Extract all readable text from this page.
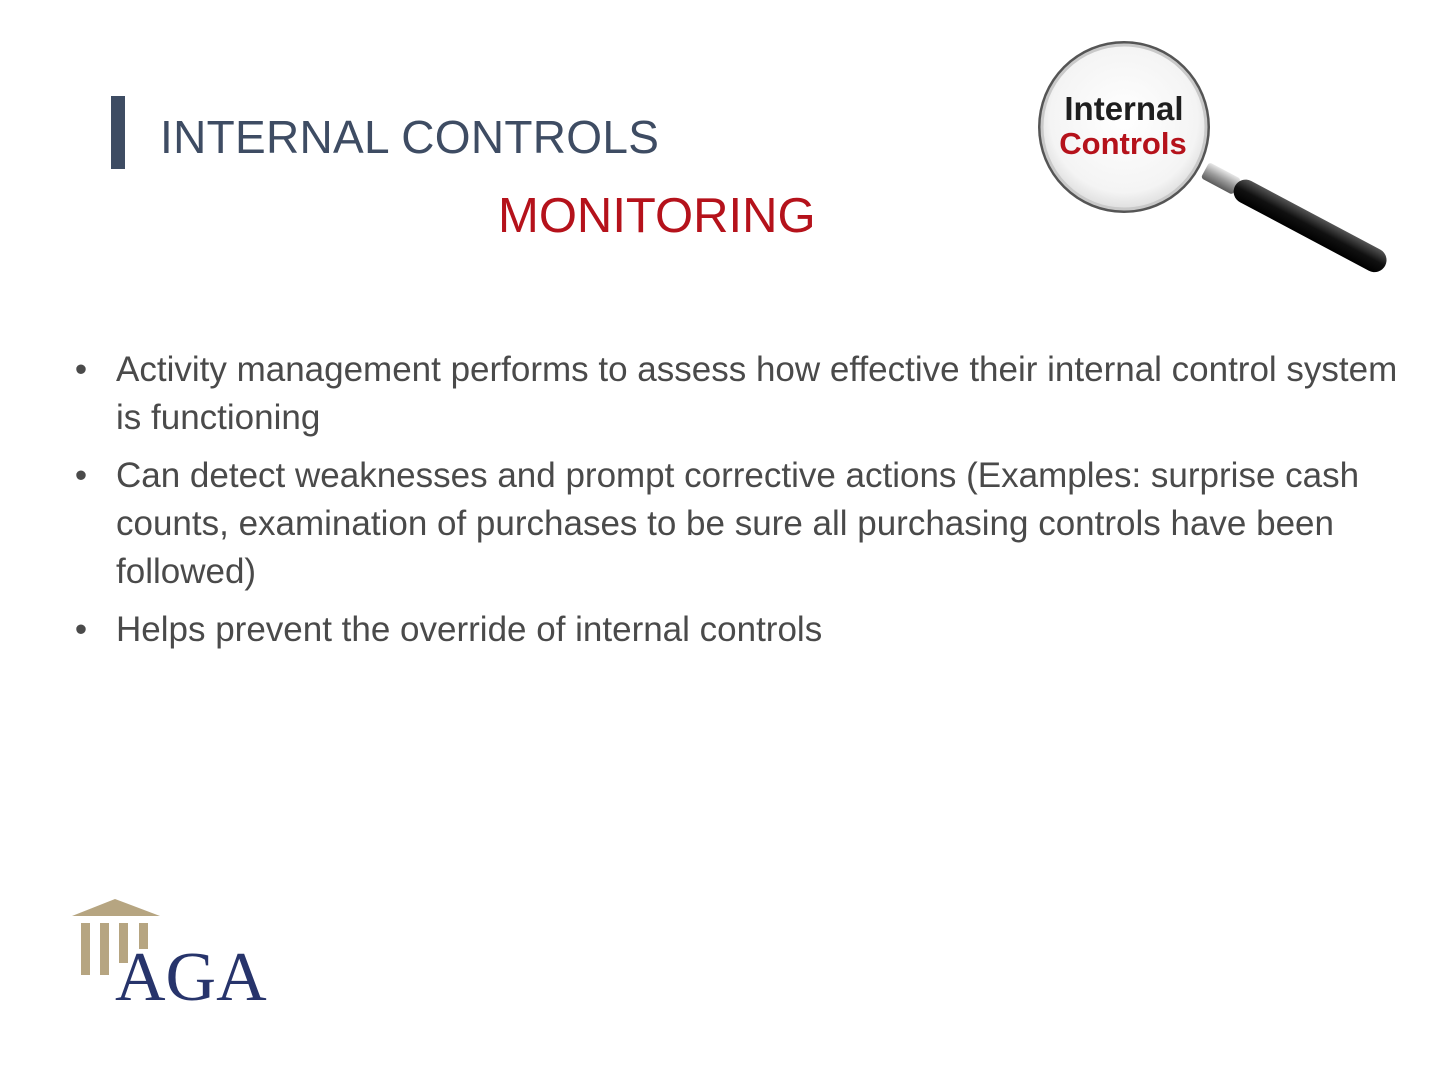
INTERNAL CONTROLS
MONITORING
Internal
Controls
• Activity management performs to assess how effective their internal control system is functioning
• Can detect weaknesses and prompt corrective actions (Examples: surprise cash counts, examination of purchases to be sure all purchasing controls have been followed)
• Helps prevent the override of internal controls
AGA
